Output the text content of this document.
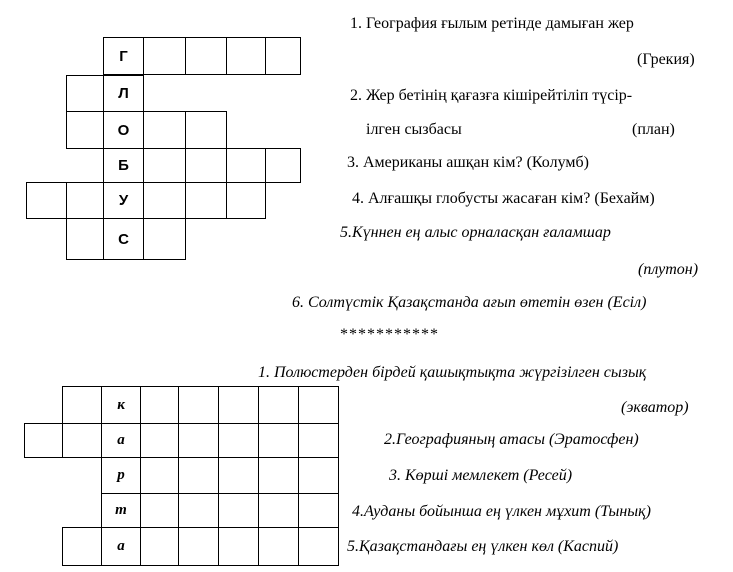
Г
Л
О
Б
У
С
к
а
р
т
а
1. География ғылым ретінде дамыған жер
(Грекия)
2. Жер бетінің қағазға кішірейтіліп түсір-
ілген сызбасы	(план)
3. Американы ашқан кім? (Колумб)
4. Алғашқы глобусты жасаған кім? (Бехайм)
5.Күннен ең алыс орналасқан ғаламшар
(плутон)
6. Солтүстік Қазақстанда ағып өтетін өзен (Есіл)
***********
1. Полюстерден бірдей қашықтықта жүргізілген сызық
(экватор)
2.Географияның атасы (Эратосфен)
3. Көрші мемлекет (Ресей)
4.Ауданы бойынша ең үлкен мұхит (Тынық)
5.Қазақстандағы ең үлкен көл (Каспий)
